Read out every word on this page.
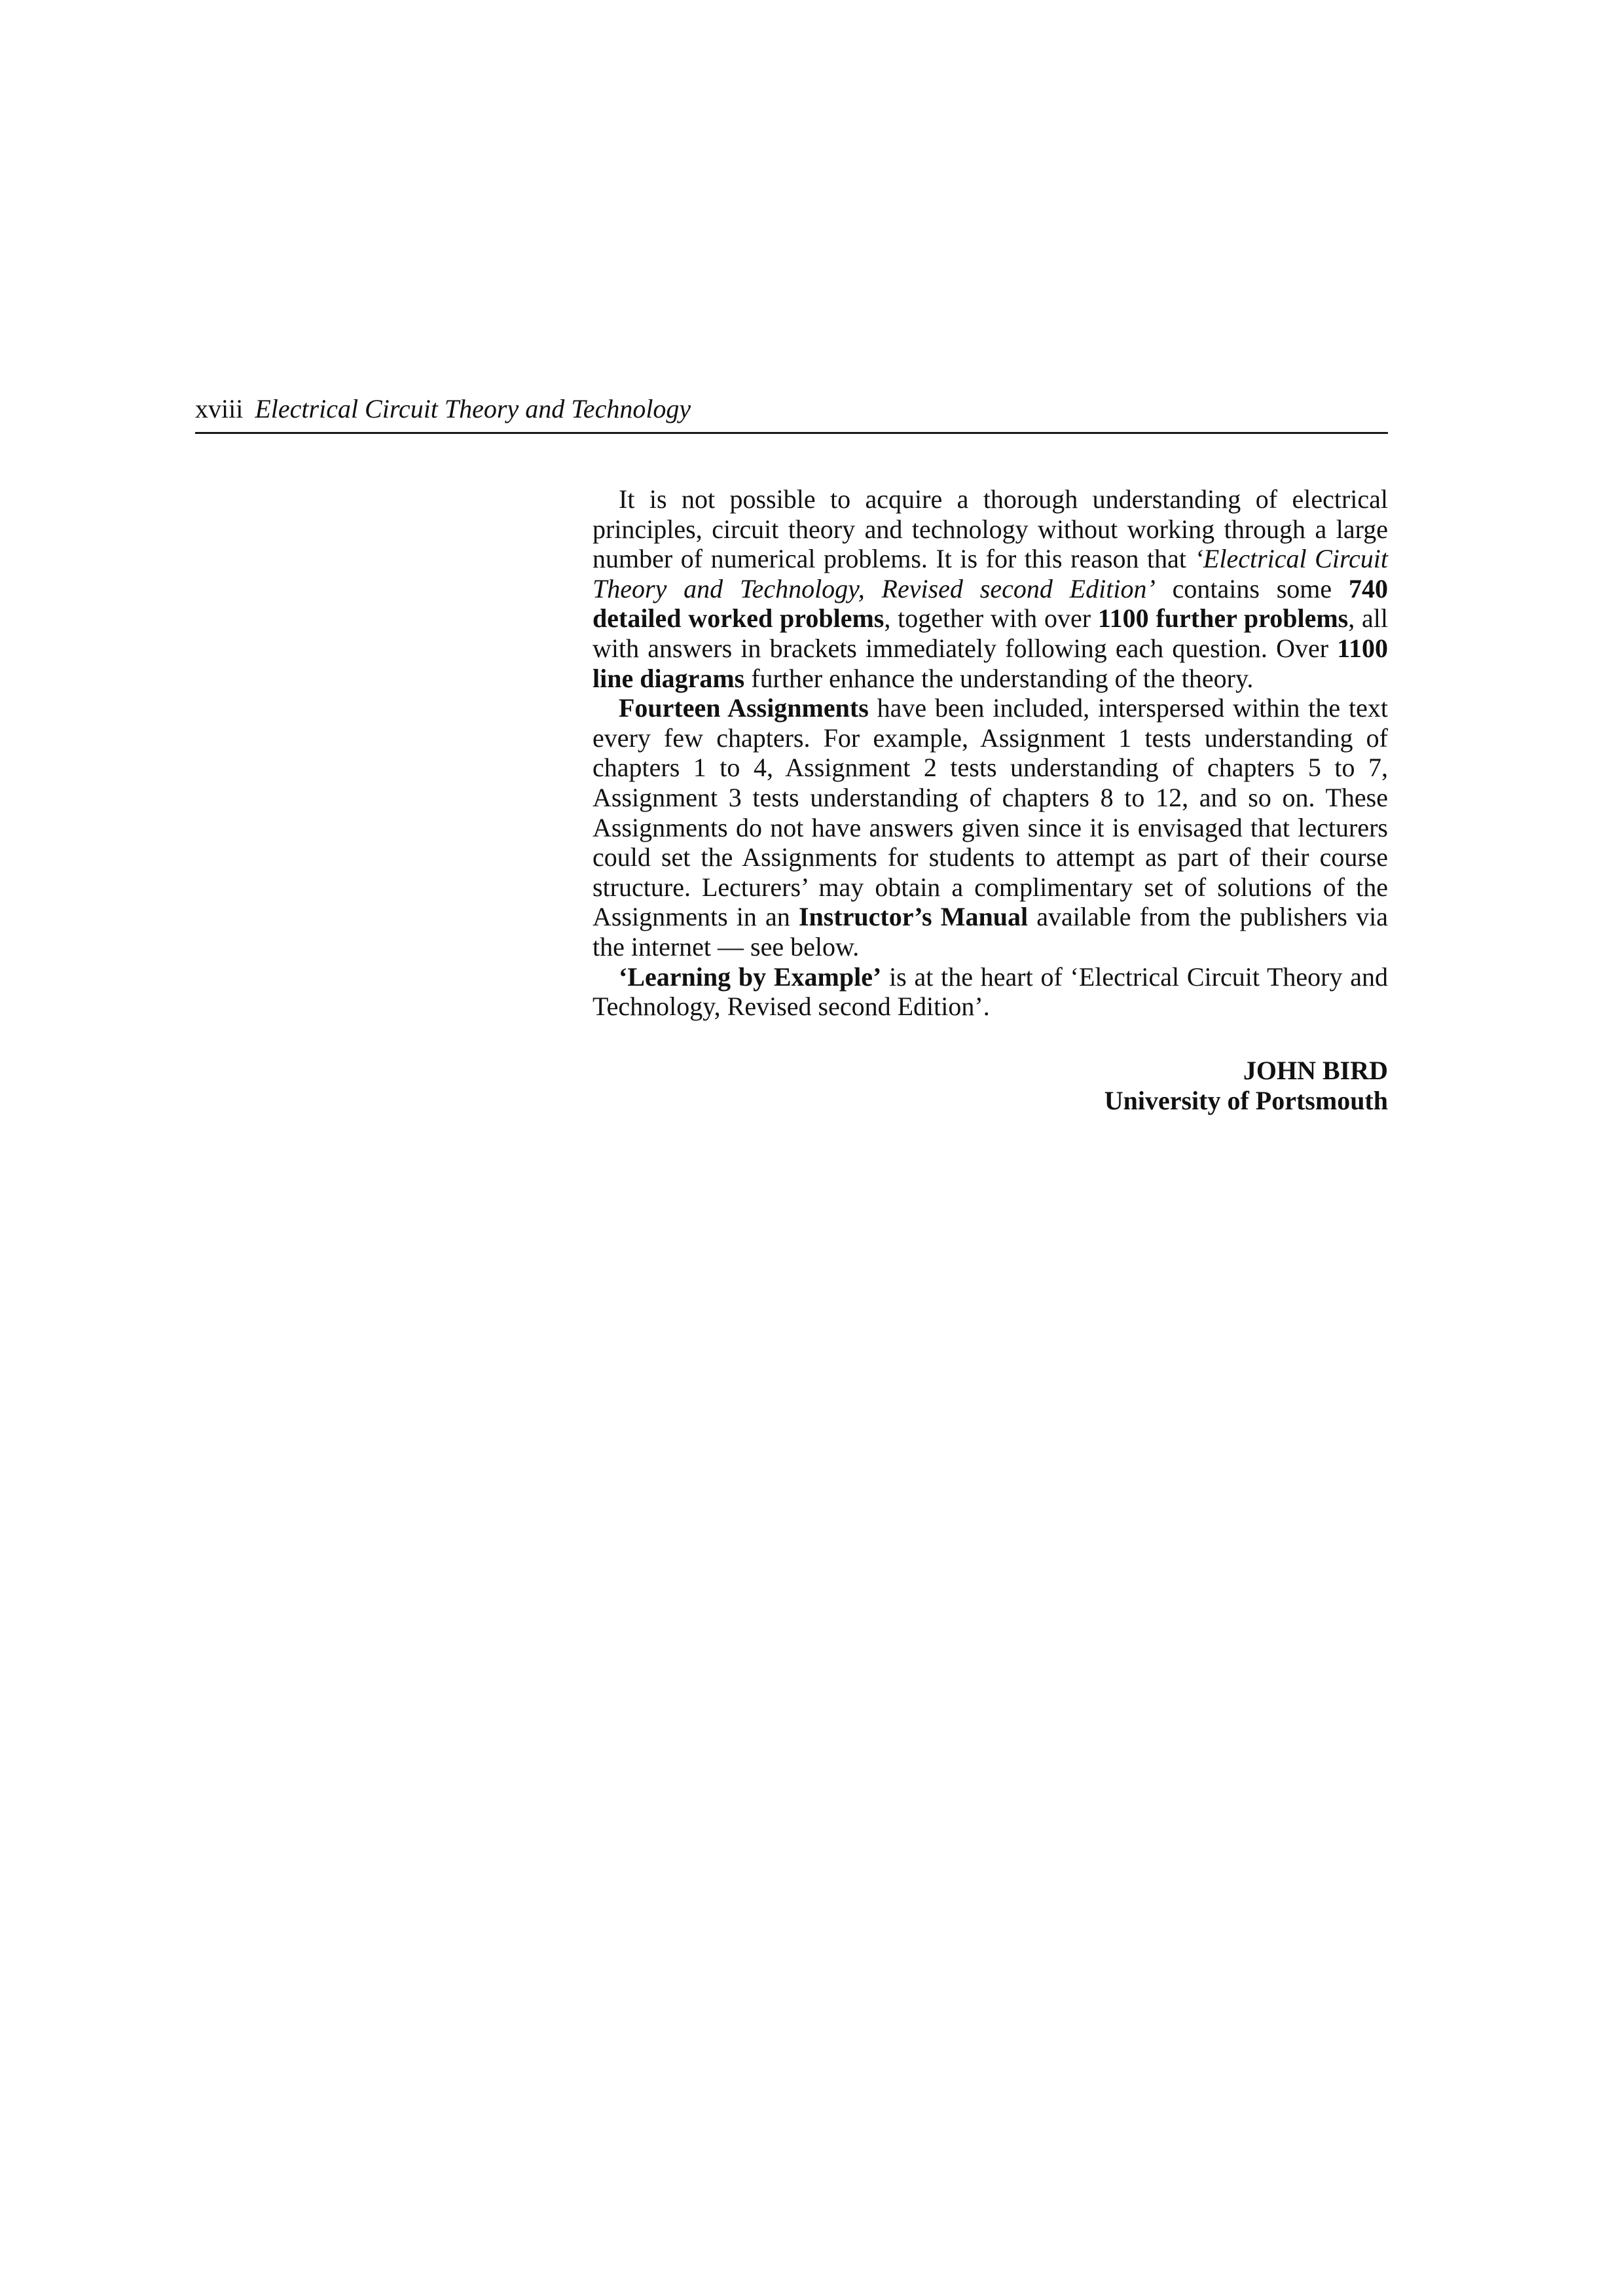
xviii Electrical Circuit Theory and Technology

It is not possible to acquire a thorough understanding of electrical principles, circuit theory and technology without working through a large number of numerical problems. It is for this reason that ‘Electrical Circuit Theory and Technology, Revised second Edition’ contains some 740 detailed worked problems, together with over 1100 further problems, all with answers in brackets immediately following each question. Over 1100 line diagrams further enhance the understanding of the theory.

Fourteen Assignments have been included, interspersed within the text every few chapters. For example, Assignment 1 tests understanding of chapters 1 to 4, Assignment 2 tests understanding of chapters 5 to 7, Assignment 3 tests understanding of chapters 8 to 12, and so on. These Assignments do not have answers given since it is envisaged that lecturers could set the Assignments for students to attempt as part of their course structure. Lecturers’ may obtain a complimentary set of solutions of the Assignments in an Instructor’s Manual available from the publishers via the internet — see below.

‘Learning by Example’ is at the heart of ‘Electrical Circuit Theory and Technology, Revised second Edition’.

JOHN BIRD
University of Portsmouth
